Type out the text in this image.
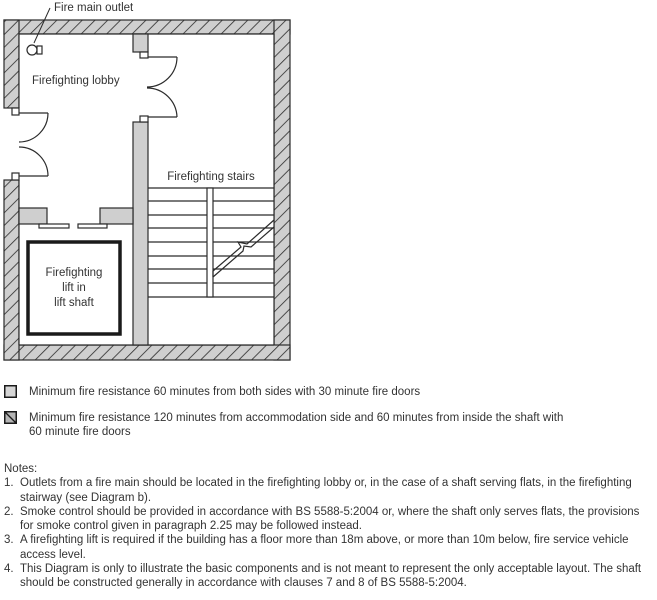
Fire main outlet
Firefighting lobby
Firefighting stairs
Firefighting
lift in
lift shaft
Minimum fire resistance 60 minutes from both sides with 30 minute fire doors
Minimum fire resistance 120 minutes from accommodation side and 60 minutes from inside the shaft with
60 minute fire doors
Notes:
1. Outlets from a fire main should be located in the firefighting lobby or, in the case of a shaft serving flats, in the firefighting stairway (see Diagram b).
2. Smoke control should be provided in accordance with BS 5588-5:2004 or, where the shaft only serves flats, the provisions for smoke control given in paragraph 2.25 may be followed instead.
3. A firefighting lift is required if the building has a floor more than 18m above, or more than 10m below, fire service vehicle access level.
4. This Diagram is only to illustrate the basic components and is not meant to represent the only acceptable layout. The shaft should be constructed generally in accordance with clauses 7 and 8 of BS 5588-5:2004.
